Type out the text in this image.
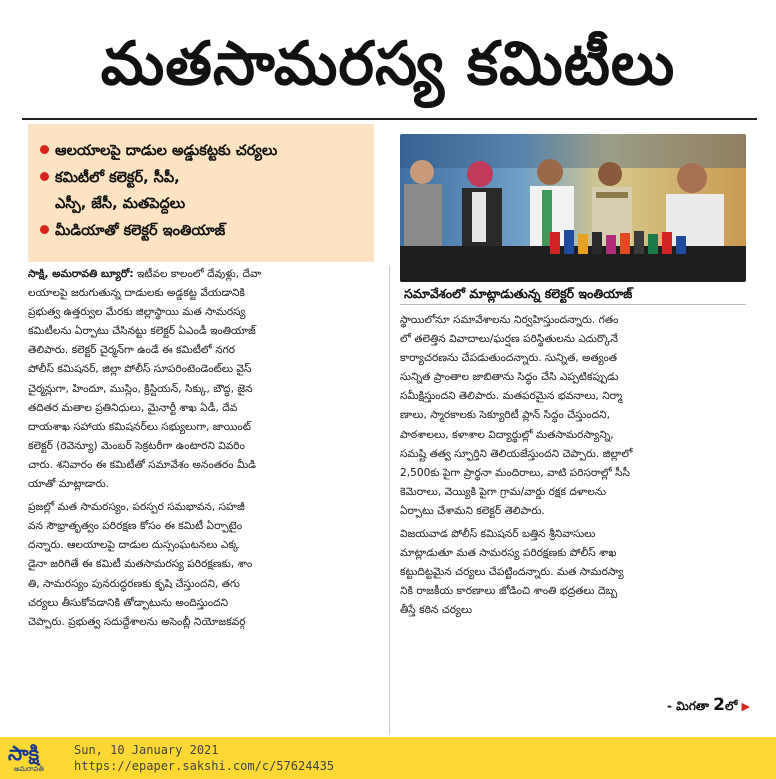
మతసామరస్య కమిటీలు
ఆలయాలపై దాడుల అడ్డుకట్టకు చర్యలు
కమిటీలో కలెక్టర్, సీపీ,
ఎస్పీ, జేసీ, మతపెద్దలు
మీడియాతో కలెక్టర్ ఇంతియాజ్
సమావేశంలో మాట్లాడుతున్న కలెక్టర్ ఇంతియాజ్

సాక్షి, అమరావతి బ్యూరో: ఇటీవల కాలంలో దేవుళ్లు, దేవా

లయాలపై జరుగుతున్న దాడులకు అడ్డకట్ట వేయడానికి

ప్రభుత్వ ఉత్తర్వుల మేరకు జిల్లాస్థాయి మత సామరస్య

కమిటీలను ఏర్పాటు చేసినట్టు కలెక్టర్ ఏఎండీ ఇంతియాజ్

తెలిపారు. కలెక్టర్ చైర్మన్‌గా ఉండే ఈ కమిటీలో నగర

పోలీస్ కమిషనర్, జిల్లా పోలీస్ సూపరింటెండెంట్‌లు వైస్

చైర్మన్లుగా, హిందూ, ముస్లిం, క్రిస్టియన్, సిక్కు, బౌద్ధ, జైన

తదితర మతాల ప్రతినిధులు, మైనార్టీ శాఖ ఏడీ, దేవ

దాయశాఖ సహాయ కమిషనర్‌లు సభ్యులుగా, జాయింట్

కలెక్టర్ (రెవెన్యూ) మెంబర్ సెక్రటరీగా ఉంటారని వివరిం

చారు. శనివారం ఈ కమిటీతో సమావేశం అనంతరం మీడి

యాతో మాట్లాడారు.

ప్రజల్లో మత సామరస్యం, పరస్పర సమభావన, సహజీ

వన సౌభ్రాతృత్వం పరిరక్షణ కోసం ఈ కమిటీ ఏర్పాటైం

దన్నారు. ఆలయాలపై దాడుల దుస్సంఘటనలు ఎక్క

డైనా జరిగితే ఈ కమిటీ మతసామరస్య పరిరక్షణకు, శాం

తి, సామరస్యం పునరుద్ధరణకు కృషి చేస్తుందని, తగు

చర్యలు తీసుకోవడానికి తోడ్పాటును అందిస్తుందని

చెప్పారు. ప్రభుత్వ సదుద్దేశాలను అసెంబ్లీ నియోజకవర్గ

స్థాయిలోనూ సమావేశాలను నిర్వహిస్తుందన్నారు. గతం

లో తలెత్తిన వివాదాలు/ఘర్షణ పరిస్థితులను ఎదుర్కొనే

కార్యాచరణను చేపడుతుందన్నారు. సున్నిత, అత్యంత

సున్నిత ప్రాంతాల జాబితాను సిద్ధం చేసి ఎప్పటికప్పుడు

సమీక్షిస్తుందని తెలిపారు. మతపరమైన భవనాలు, నిర్మా

ణాలు, స్మారకాలకు సెక్యూరిటీ ప్లాన్ సిద్ధం చేస్తుందని,

పాఠశాలలు, కళాశాల విద్యార్థుల్లో మతసామరస్యాన్ని,

సమష్టి తత్వ స్ఫూర్తిని తెలియజేస్తుందని చెప్పారు. జిల్లాలో

2,500కు పైగా ప్రార్థనా మందిరాలు, వాటి పరిసరాల్లో సీసీ

కెమెరాలు, వెయ్యికి పైగా గ్రామ/వార్డు రక్షక దళాలను

ఏర్పాటు చేశామని కలెక్టర్ తెలిపారు.

విజయవాడ పోలీస్ కమిషనర్ బత్తిన శ్రీనివాసులు

మాట్లాడుతూ మత సామరస్య పరిరక్షణకు పోలీస్ శాఖ

కట్టుదిట్టమైన చర్యలు చేపట్టిందన్నారు. మత సామరస్యా

నికి రాజకీయ కారణాలు జోడించి శాంతి భద్రతలు దెబ్బ

తీస్తే కఠిన చర్యలు

- మిగతా 2లో ▶
సాక్షి
అమరావతి
Sun, 10 January 2021
https://epaper.sakshi.com/c/57624435
